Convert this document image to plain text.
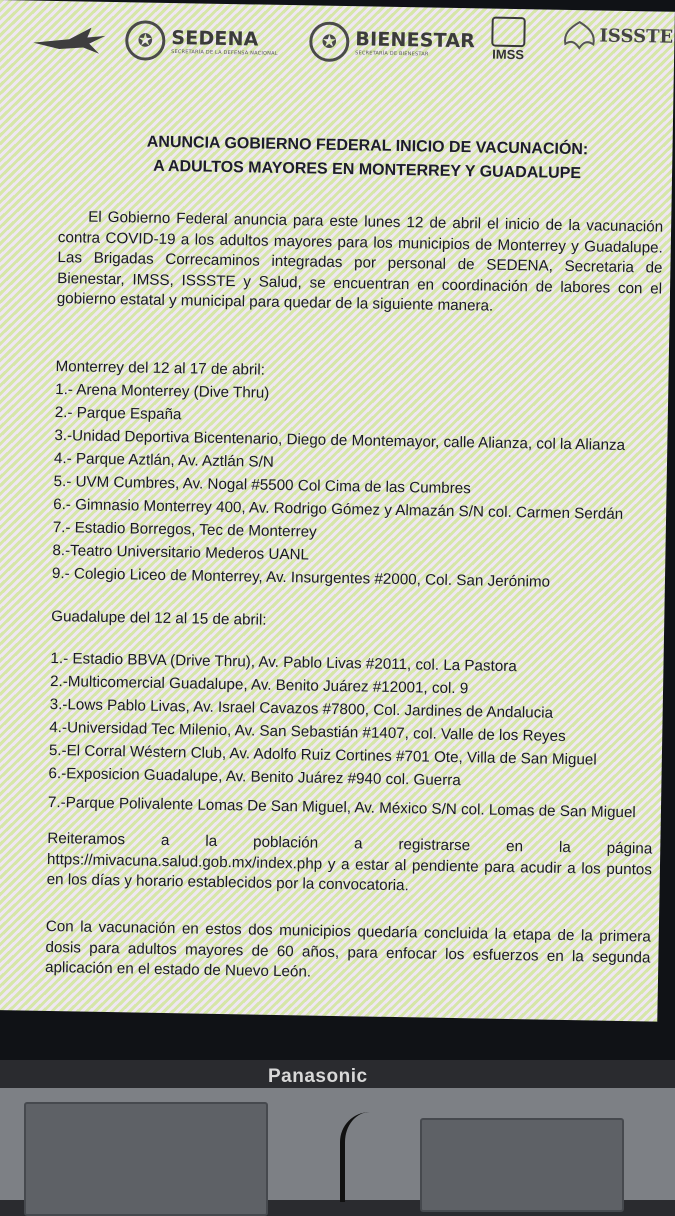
✪ SEDENA
SECRETARÍA DE LA DEFENSA NACIONAL
✪ BIENESTAR
SECRETARÍA DE BIENESTAR	IMSS
ISSSTE
ANUNCIA GOBIERNO FEDERAL INICIO DE VACUNACIÓN:
A ADULTOS MAYORES EN MONTERREY Y GUADALUPE
El Gobierno Federal anuncia para este lunes 12 de abril el inicio de la vacunación contra COVID-19 a los adultos mayores para los municipios de Monterrey y Guadalupe. Las Brigadas Correcaminos integradas por personal de SEDENA, Secretaria de Bienestar, IMSS, ISSSTE y Salud, se encuentran en coordinación de labores con el gobierno estatal y municipal para quedar de la siguiente manera.
Monterrey del 12 al 17 de abril:
1.- Arena Monterrey (Dive Thru)
2.- Parque España
3.-Unidad Deportiva Bicentenario, Diego de Montemayor, calle Alianza, col la Alianza
4.- Parque Aztlán, Av. Aztlán S/N
5.- UVM Cumbres, Av. Nogal #5500 Col Cima de las Cumbres
6.- Gimnasio Monterrey 400, Av. Rodrigo Gómez y Almazán S/N col. Carmen Serdán
7.- Estadio Borregos, Tec de Monterrey
8.-Teatro Universitario Mederos UANL
9.- Colegio Liceo de Monterrey, Av. Insurgentes #2000, Col. San Jerónimo
Guadalupe del 12 al 15 de abril:
1.- Estadio BBVA (Drive Thru), Av. Pablo Livas #2011, col. La Pastora
2.-Multicomercial Guadalupe, Av. Benito Juárez #12001, col. 9
3.-Lows Pablo Livas, Av. Israel Cavazos #7800, Col. Jardines de Andalucia
4.-Universidad Tec Milenio, Av. San Sebastián #1407, col. Valle de los Reyes
5.-El Corral Wéstern Club, Av. Adolfo Ruiz Cortines #701 Ote, Villa de San Miguel
6.-Exposicion Guadalupe, Av. Benito Juárez #940 col. Guerra
7.-Parque Polivalente Lomas De San Miguel, Av. México S/N col. Lomas de San Miguel
Reiteramos a la población a registrarse en la página https://mivacuna.salud.gob.mx/index.php y a estar al pendiente para acudir a los puntos en los días y horario establecidos por la convocatoria.
Con la vacunación en estos dos municipios quedaría concluida la etapa de la primera dosis para adultos mayores de 60 años, para enfocar los esfuerzos en la segunda aplicación en el estado de Nuevo León.
Panasonic
